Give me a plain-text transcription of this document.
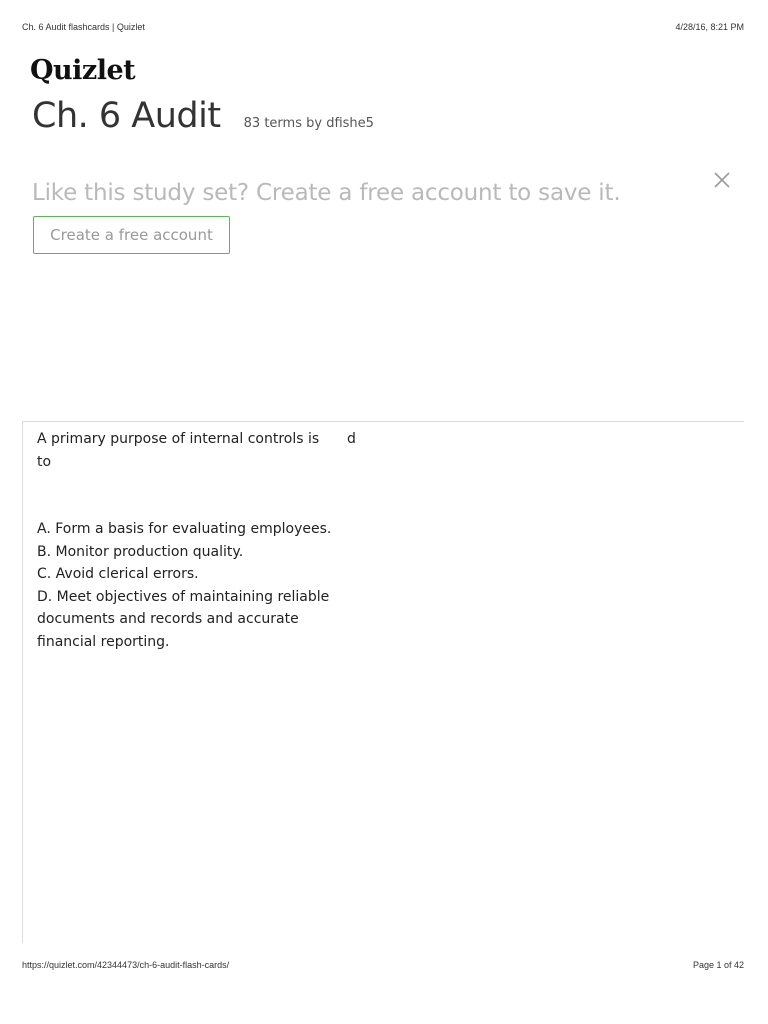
Ch. 6 Audit flashcards | Quizlet	4/28/16, 8:21 PM
Quizlet
Ch. 6 Audit 83 terms by dfishe5
Like this study set? Create a free account to save it.
Create a free account
A primary purpose of internal controls is
to
A. Form a basis for evaluating employees.
B. Monitor production quality.
C. Avoid clerical errors.
D. Meet objectives of maintaining reliable
documents and records and accurate
financial reporting.
d
https://quizlet.com/42344473/ch-6-audit-flash-cards/	Page 1 of 42
